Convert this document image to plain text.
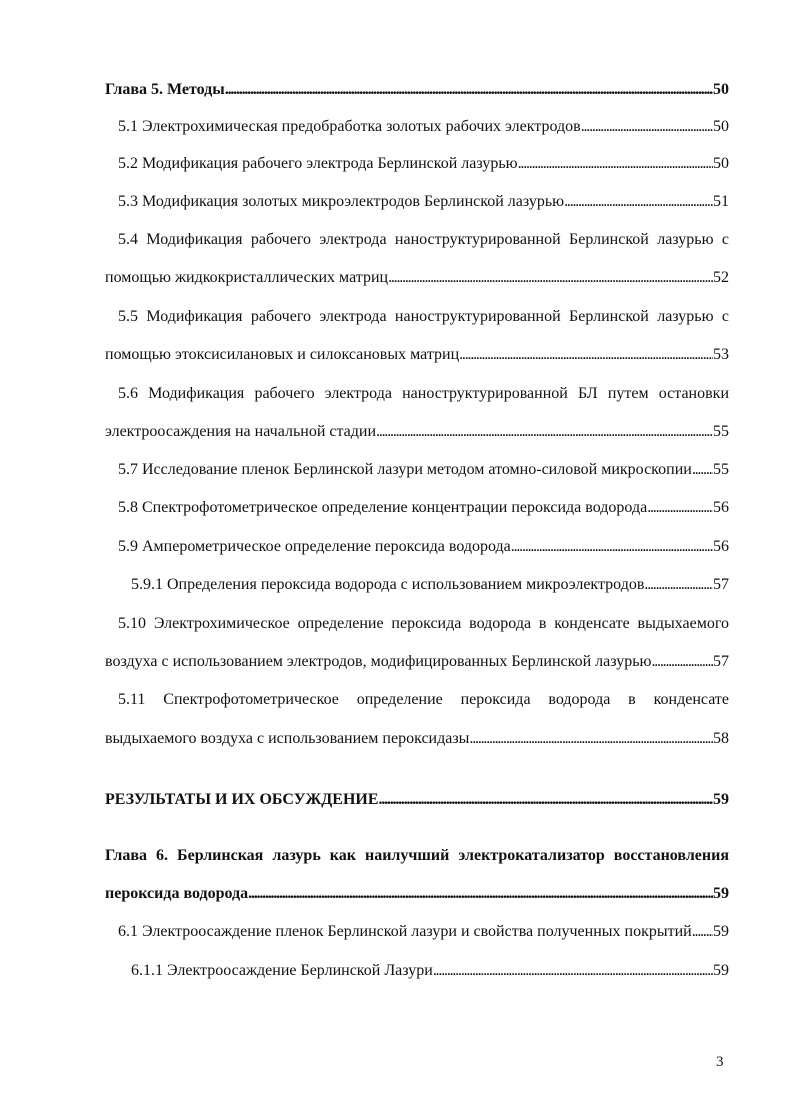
Глава 5. Методы . . .	50
5.1 Электрохимическая предобработка золотых рабочих электродов . . .	50
5.2 Модификация рабочего электрода Берлинской лазурью . . .	50
5.3 Модификация золотых микроэлектродов Берлинской лазурью . . .	51
5.4 Модификация рабочего электрода наноструктурированной Берлинской лазурью с
помощью жидкокристаллических матриц . . .	52
5.5 Модификация рабочего электрода наноструктурированной Берлинской лазурью с
помощью этоксисилановых и силоксановых матриц . . .	53
5.6 Модификация рабочего электрода наноструктурированной БЛ путем остановки
электроосаждения на начальной стадии . . .	55
5.7 Исследование пленок Берлинской лазури методом атомно-силовой микроскопии . . . 55
5.8 Спектрофотометрическое определение концентрации пероксида водорода . . .	56
5.9 Амперометрическое определение пероксида водорода . . .	56
5.9.1 Определения пероксида водорода с использованием микроэлектродов . . .	57
5.10 Электрохимическое определение пероксида водорода в конденсате выдыхаемого
воздуха с использованием электродов, модифицированных Берлинской лазурью . . .	57
5.11 Спектрофотометрическое определение пероксида водорода в конденсате
выдыхаемого воздуха с использованием пероксидазы . . .	58
РЕЗУЛЬТАТЫ И ИХ ОБСУЖДЕНИЕ . . .	59
Глава 6. Берлинская лазурь как наилучший электрокатализатор восстановления
пероксида водорода . . .	59
6.1 Электроосаждение пленок Берлинской лазури и свойства полученных покрытий . . . 59
6.1.1 Электроосаждение Берлинской Лазури . . .	59
3
